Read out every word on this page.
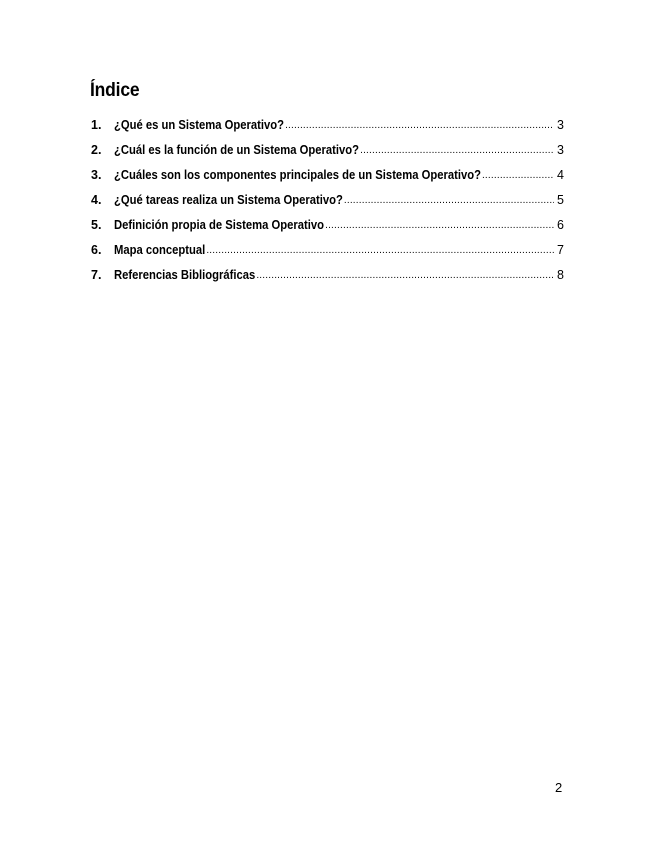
Índice
1.	¿Qué es un Sistema Operativo? .....	3
2.	¿Cuál es la función de un Sistema Operativo? .....	3
3.	¿Cuáles son los componentes principales de un Sistema Operativo? .....	4
4.	¿Qué tareas realiza un Sistema Operativo? .....	5
5.	Definición propia de Sistema Operativo .....	6
6.	Mapa conceptual .....	7
7.	Referencias Bibliográficas .....	8
2
